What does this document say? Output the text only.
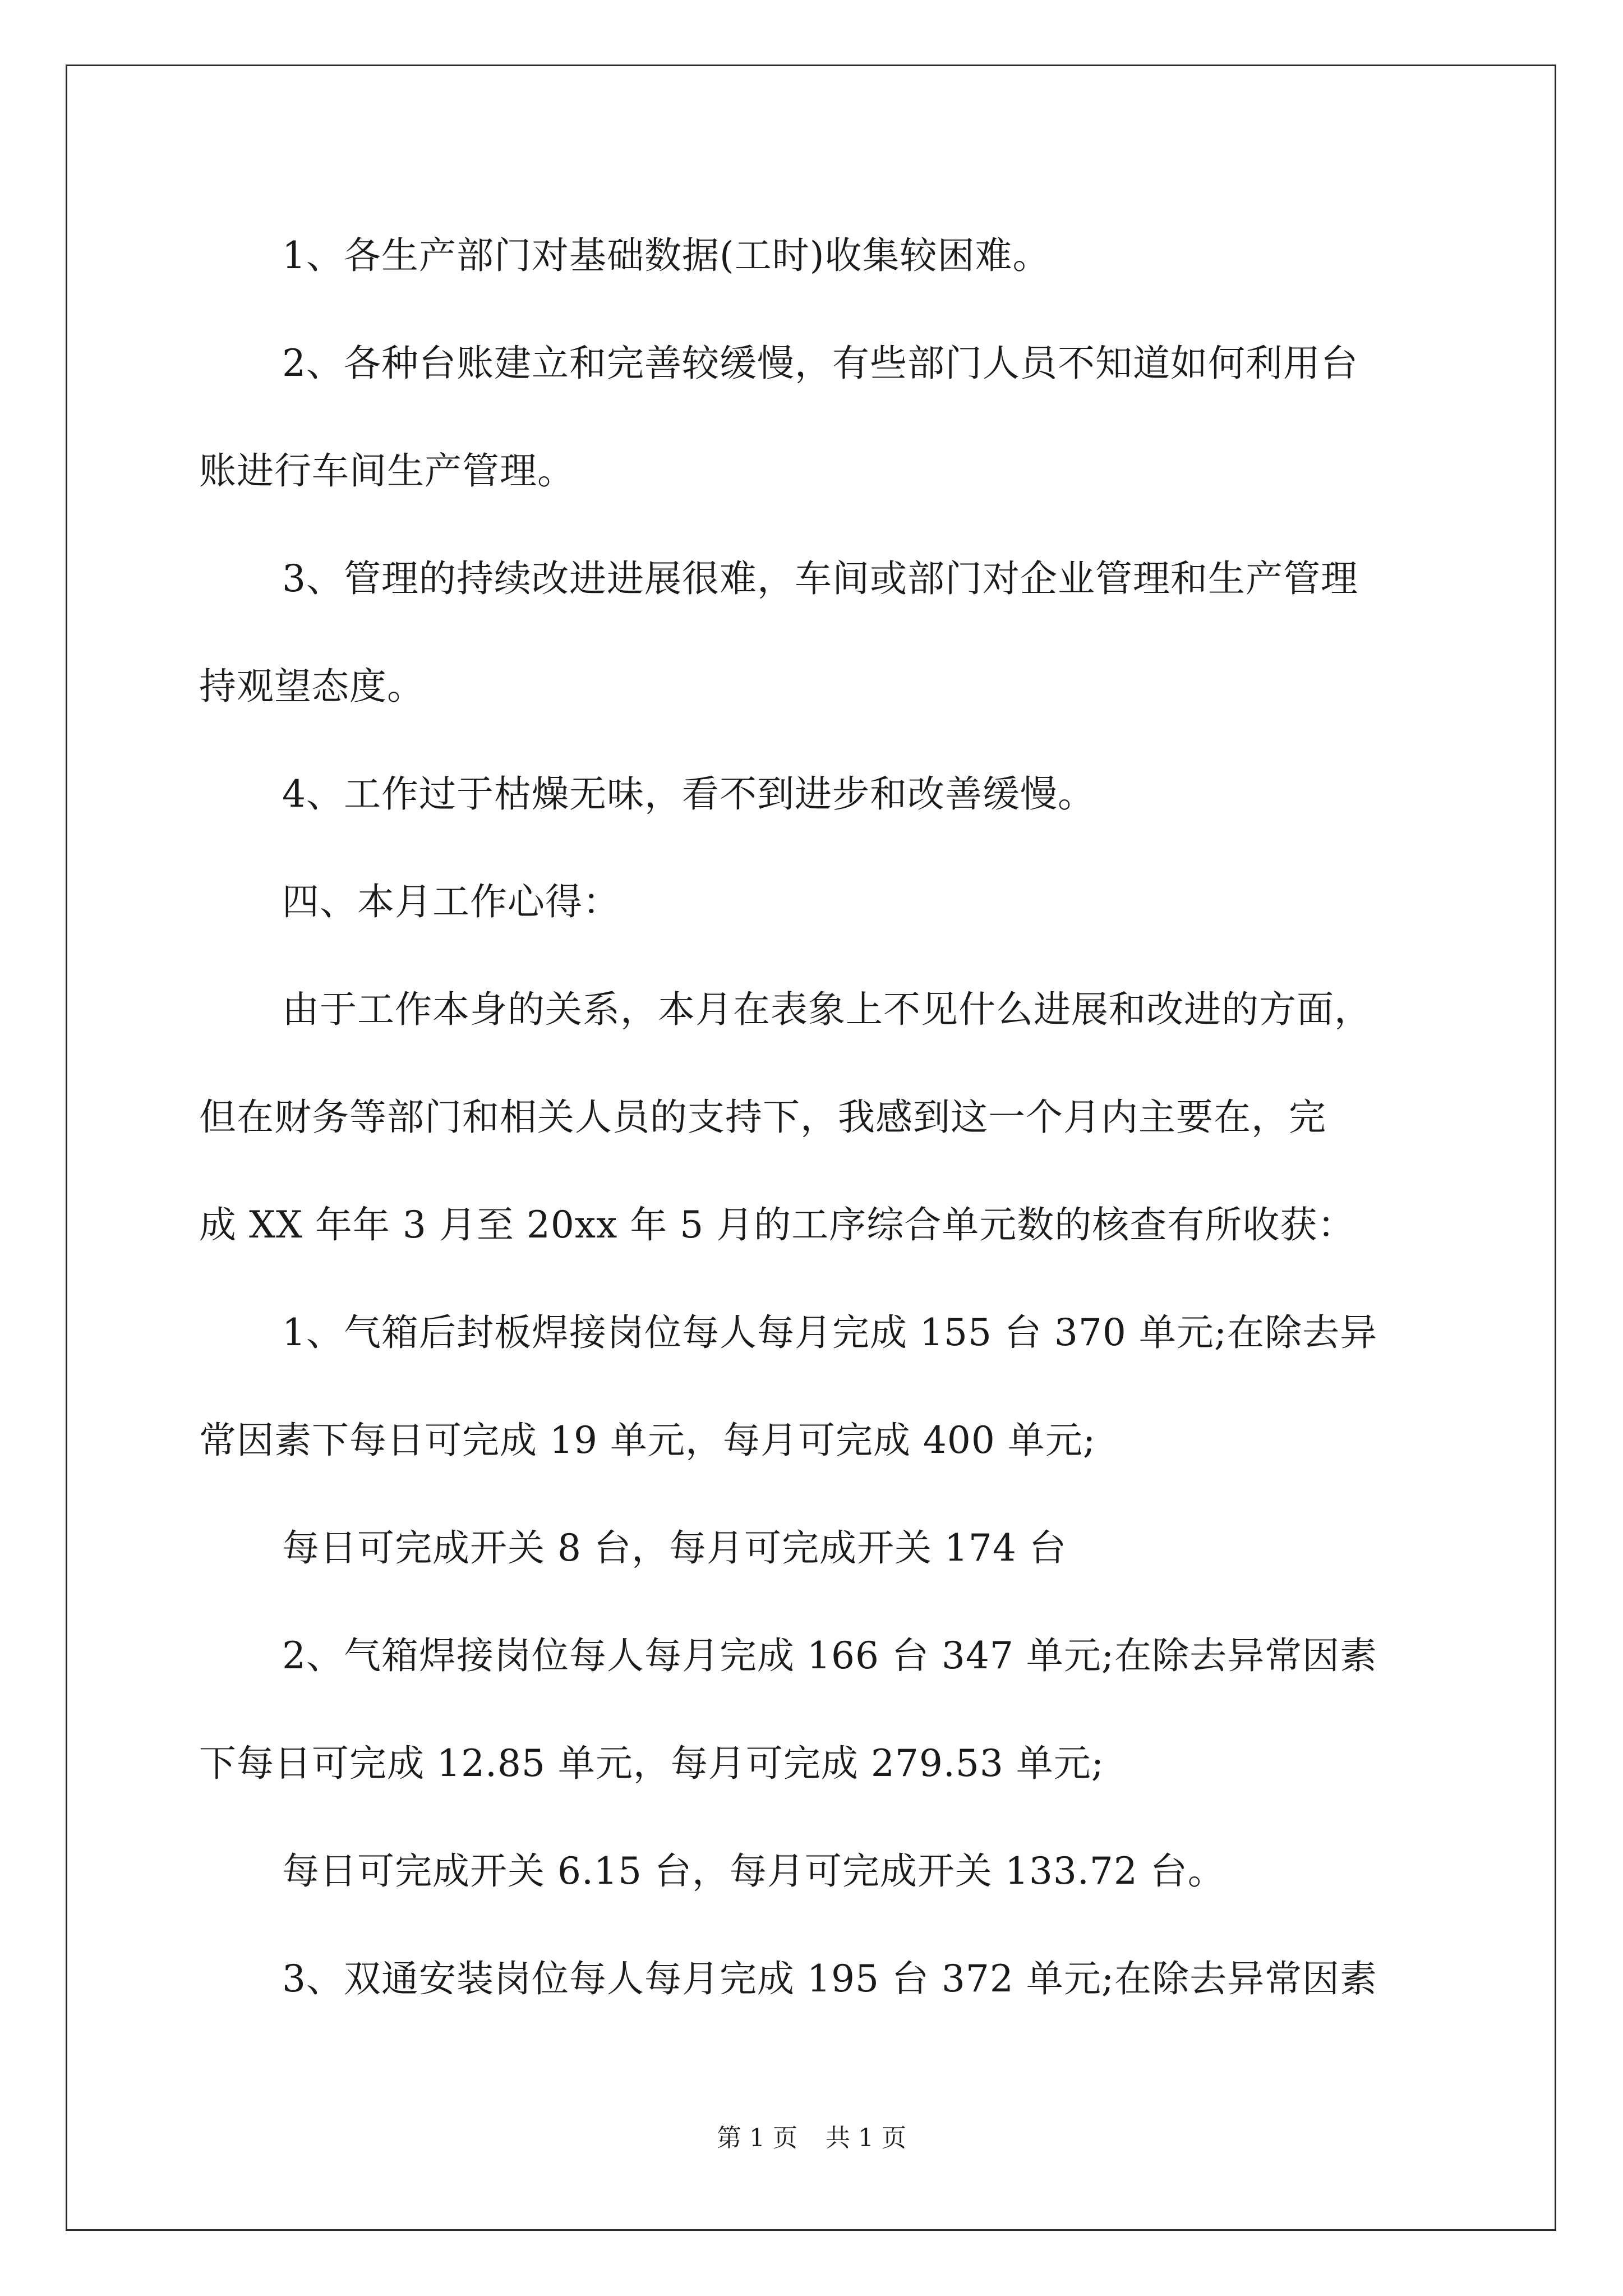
1、各生产部门对基础数据(工时)收集较困难。

2、各种台账建立和完善较缓慢，有些部门人员不知道如何利用台

账进行车间生产管理。

3、管理的持续改进进展很难，车间或部门对企业管理和生产管理

持观望态度。

4、工作过于枯燥无味，看不到进步和改善缓慢。

四、本月工作心得：

由于工作本身的关系，本月在表象上不见什么进展和改进的方面，

但在财务等部门和相关人员的支持下，我感到这一个月内主要在，完

成 XX 年年 3 月至 20xx 年 5 月的工序综合单元数的核查有所收获：

1、气箱后封板焊接岗位每人每月完成 155 台 370 单元;在除去异

常因素下每日可完成 19 单元，每月可完成 400 单元;

每日可完成开关 8 台，每月可完成开关 174 台

2、气箱焊接岗位每人每月完成 166 台 347 单元;在除去异常因素

下每日可完成 12.85 单元，每月可完成 279.53 单元;

每日可完成开关 6.15 台，每月可完成开关 133.72 台。

3、双通安装岗位每人每月完成 195 台 372 单元;在除去异常因素

第 1 页 共 1 页
